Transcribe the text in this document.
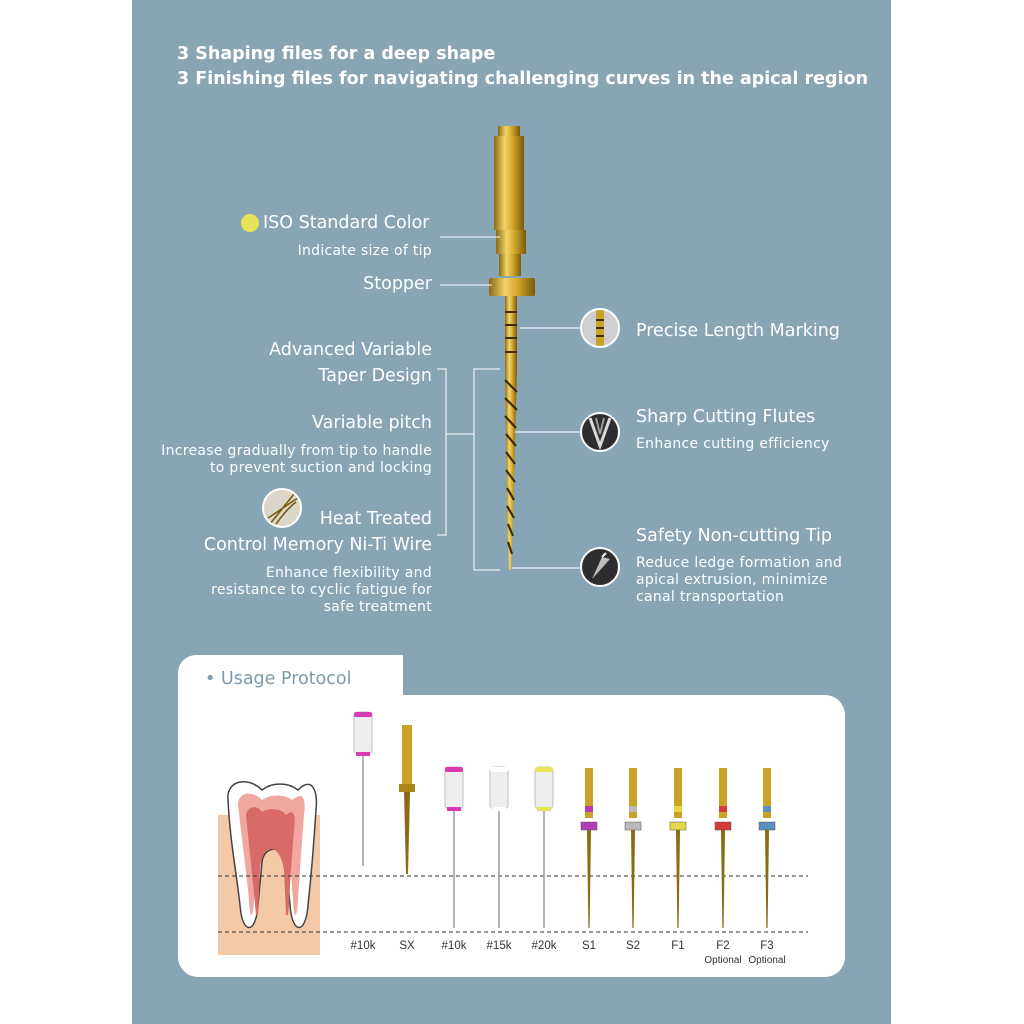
3 Shaping files for a deep shape
3 Finishing files for navigating challenging curves in the apical region
ISO Standard Color
Indicate size of tip
Stopper
Advanced Variable
Taper Design
Variable pitch
Increase gradually from tip to handle
to prevent suction and locking
Heat Treated
Control Memory Ni-Ti Wire
Enhance flexibility and
resistance to cyclic fatigue for
safe treatment
Precise Length Marking
Sharp Cutting Flutes
Enhance cutting efficiency
Safety Non-cutting Tip
Reduce ledge formation and
apical extrusion, minimize
canal transportation
• Usage Protocol
#10k	SX	#10k	#15k	#20k	S1	S2	F1	F2
Optional
F3
Optional
